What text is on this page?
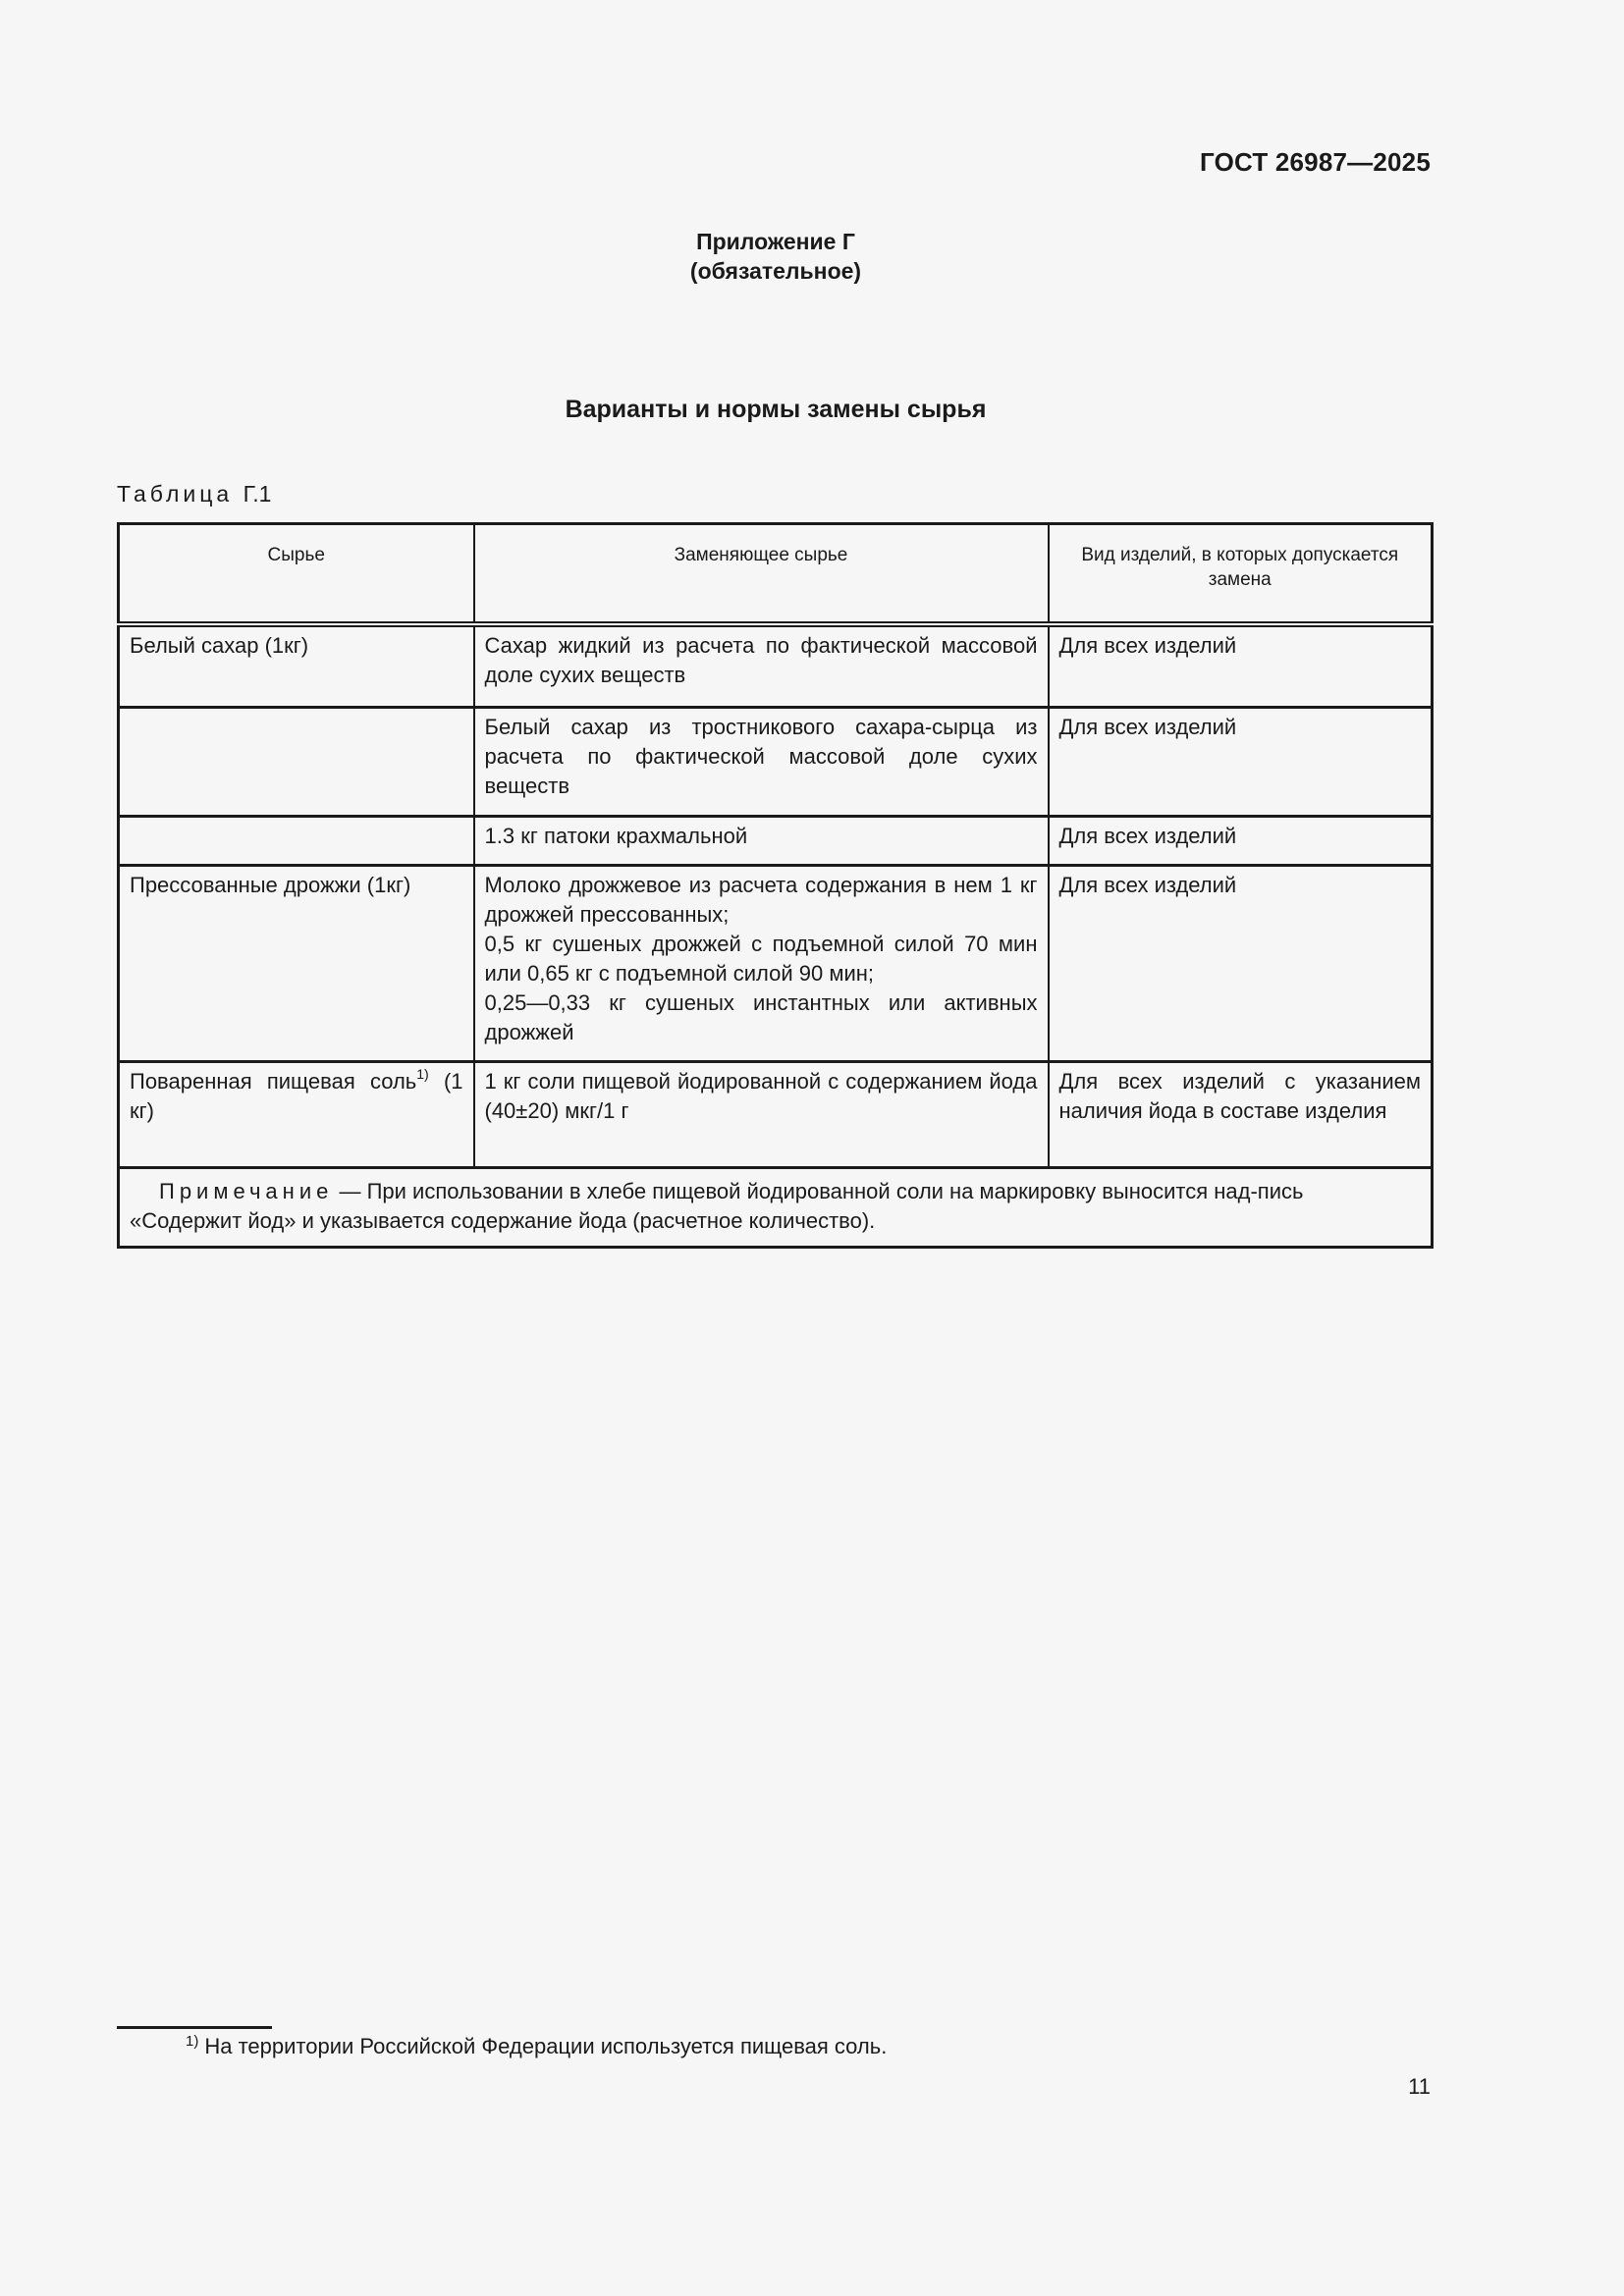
ГОСТ 26987—2025
Приложение Г
(обязательное)
Варианты и нормы замены сырья
Таблица Г.1
Сырье	Заменяющее сырье	Вид изделий, в которых допускается замена
Белый сахар (1кг)	Сахар жидкий из расчета по фактической массовой доле сухих веществ	Для всех изделий
	Белый сахар из тростникового сахара-сырца из расчета по фактической массовой доле сухих веществ	Для всех изделий
	1.3 кг патоки крахмальной	Для всех изделий
Прессованные дрожжи (1кг)	Молоко дрожжевое из расчета содержания в нем 1 кг дрожжей прессованных;
0,5 кг сушеных дрожжей с подъемной силой 70 мин или 0,65 кг с подъемной силой 90 мин;
0,25—0,33 кг сушеных инстантных или активных дрожжей	Для всех изделий
Поваренная пищевая соль$^{1)}$ (1 кг)	1 кг соли пищевой йодированной с содержанием йода (40±20) мкг/1 г	Для всех изделий с указанием наличия йода в составе изделия
Примечание — При использовании в хлебе пищевой йодированной соли на маркировку выносится над-пись «Содержит йод» и указывается содержание йода (расчетное количество).		
$^{1)}$ На территории Российской Федерации используется пищевая соль.
11
